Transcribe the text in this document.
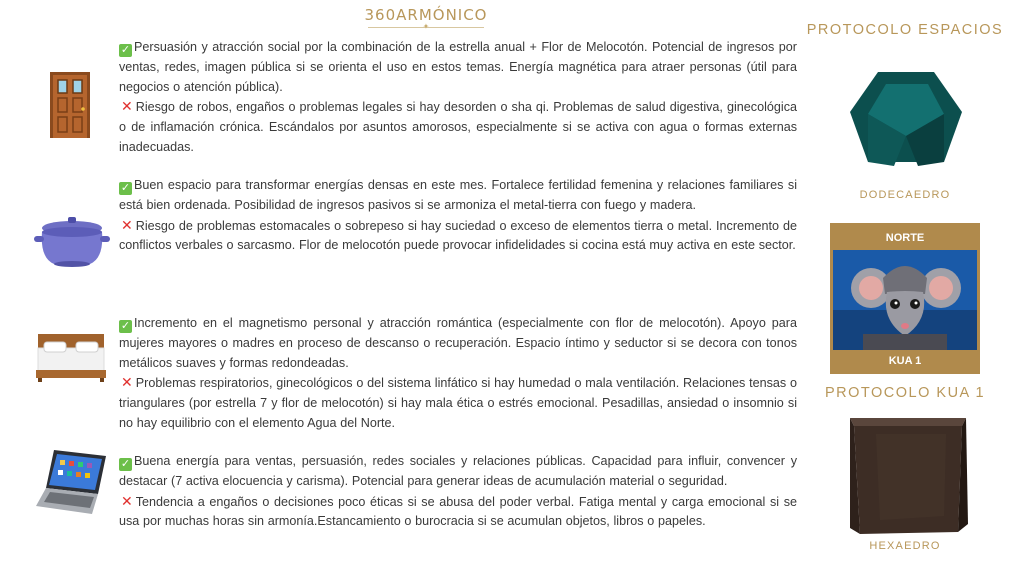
360ARMÓNICO
✦

✓ Persuasión y atracción social por la combinación de la estrella anual + Flor de Melocotón. Potencial de ingresos por ventas, redes, imagen pública si se orienta el uso en estos temas. Energía magnética para atraer personas (útil para negocios o atención pública).
✕ Riesgo de robos, engaños o problemas legales si hay desorden o sha qi. Problemas de salud digestiva, ginecológica o de inflamación crónica. Escándalos por asuntos amorosos, especialmente si se activa con agua o formas externas inadecuadas.

✓ Buen espacio para transformar energías densas en este mes. Fortalece fertilidad femenina y relaciones familiares si está bien ordenada. Posibilidad de ingresos pasivos si se armoniza el metal-tierra con fuego y madera.
✕ Riesgo de problemas estomacales o sobrepeso si hay suciedad o exceso de elementos tierra o metal. Incremento de conflictos verbales o sarcasmo. Flor de melocotón puede provocar infidelidades si cocina está muy activa en este sector.

✓ Incremento en el magnetismo personal y atracción romántica (especialmente con flor de melocotón). Apoyo para mujeres mayores o madres en proceso de descanso o recuperación. Espacio íntimo y seductor si se decora con tonos metálicos suaves y formas redondeadas.
✕ Problemas respiratorios, ginecológicos o del sistema linfático si hay humedad o mala ventilación. Relaciones tensas o triangulares (por estrella 7 y flor de melocotón) si hay mala ética o estrés emocional. Pesadillas, ansiedad o insomnio si no hay equilibrio con el elemento Agua del Norte.

✓ Buena energía para ventas, persuasión, redes sociales y relaciones públicas. Capacidad para influir, convencer y destacar (7 activa elocuencia y carisma). Potencial para generar ideas de acumulación material o seguridad.
✕ Tendencia a engaños o decisiones poco éticas si se abusa del poder verbal. Fatiga mental y carga emocional si se usa por muchas horas sin armonía.Estancamiento o burocracia si se acumulan objetos, libros o papeles.

PROTOCOLO ESPACIOS
DODECAEDRO
NORTE
KUA 1
PROTOCOLO KUA 1
HEXAEDRO
